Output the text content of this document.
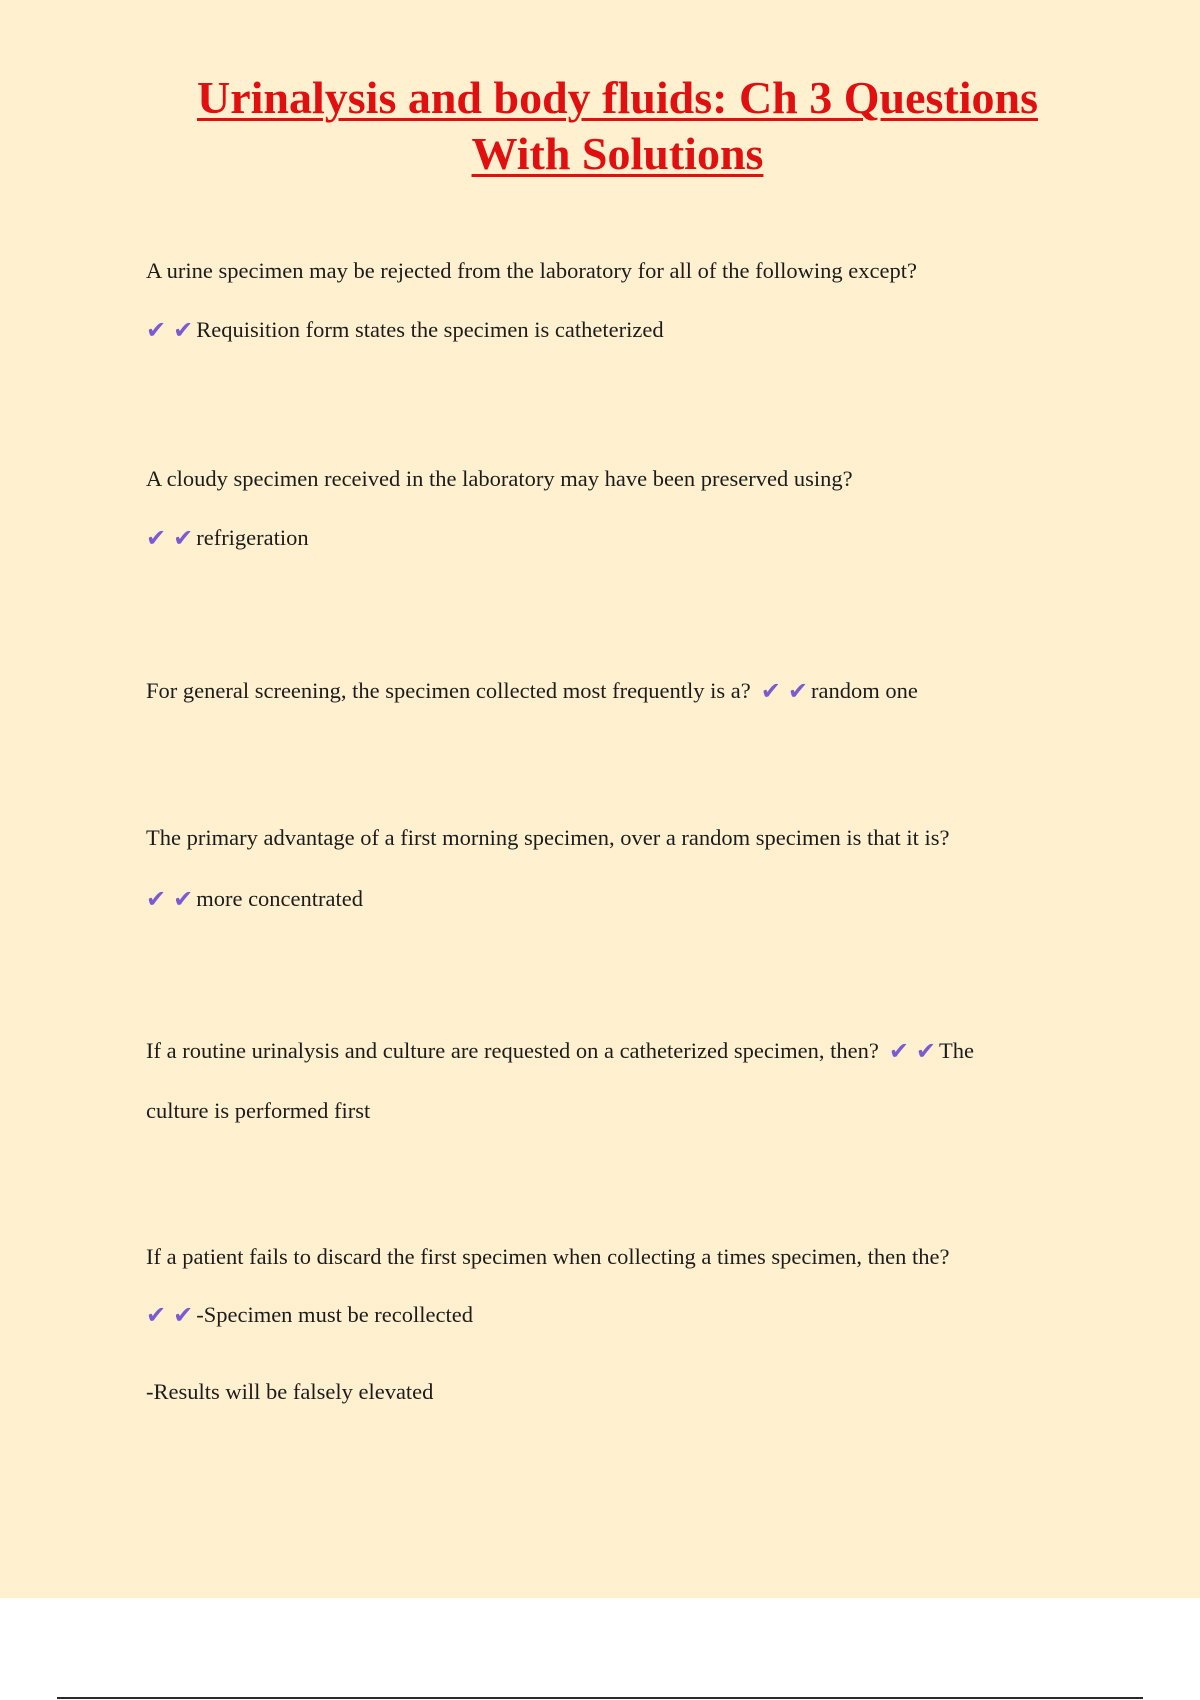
Urinalysis and body fluids: Ch 3 Questions
With Solutions

A urine specimen may be rejected from the laboratory for all of the following except?

✔ ✔ Requisition form states the specimen is catheterized

A cloudy specimen received in the laboratory may have been preserved using?

✔ ✔ refrigeration

For general screening, the specimen collected most frequently is a? ✔ ✔ random one

The primary advantage of a first morning specimen, over a random specimen is that it is?

✔ ✔ more concentrated

If a routine urinalysis and culture are requested on a catheterized specimen, then? ✔ ✔ The

culture is performed first

If a patient fails to discard the first specimen when collecting a times specimen, then the?

✔ ✔ -Specimen must be recollected

-Results will be falsely elevated
